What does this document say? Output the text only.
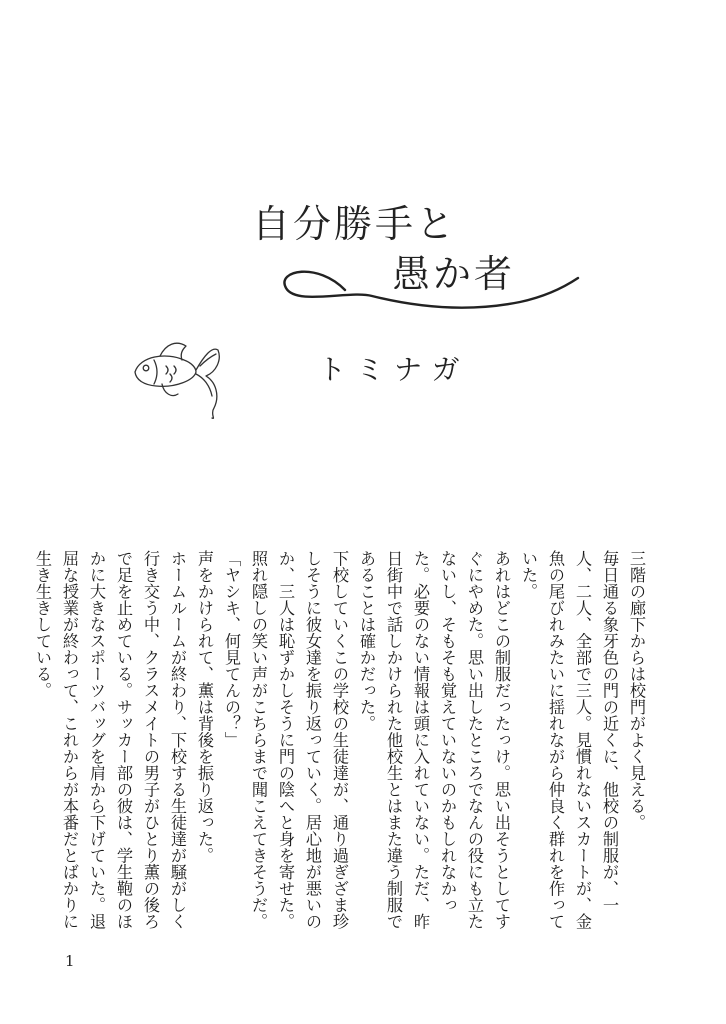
自分勝手と
愚か者
トミナガ

三階の廊下からは校門がよく見える。

毎日通る象牙色の門の近くに、他校の制服が、一人、二人、全部で三人。見慣れないスカートが、金魚の尾びれみたいに揺れながら仲良く群れを作っていた。

あれはどこの制服だったっけ。思い出そうとしてすぐにやめた。思い出したところでなんの役にも立たないし、そもそも覚えていないのかもしれなかった。必要のない情報は頭に入れていない。ただ、昨日街中で話しかけられた他校生とはまた違う制服であることは確かだった。

下校していくこの学校の生徒達が、通り過ぎざま珍しそうに彼女達を振り返っていく。居心地が悪いのか、三人は恥ずかしそうに門の陰へと身を寄せた。照れ隠しの笑い声がこちらまで聞こえてきそうだ。

「ヤシキ、何見てんの？」

声をかけられて、薫は背後を振り返った。

ホームルームが終わり、下校する生徒達が騒がしく行き交う中、クラスメイトの男子がひとり薫の後ろで足を止めている。サッカー部の彼は、学生鞄のほかに大きなスポーツバッグを肩から下げていた。退屈な授業が終わって、これからが本番だとばかりに生き生きしている。

1
